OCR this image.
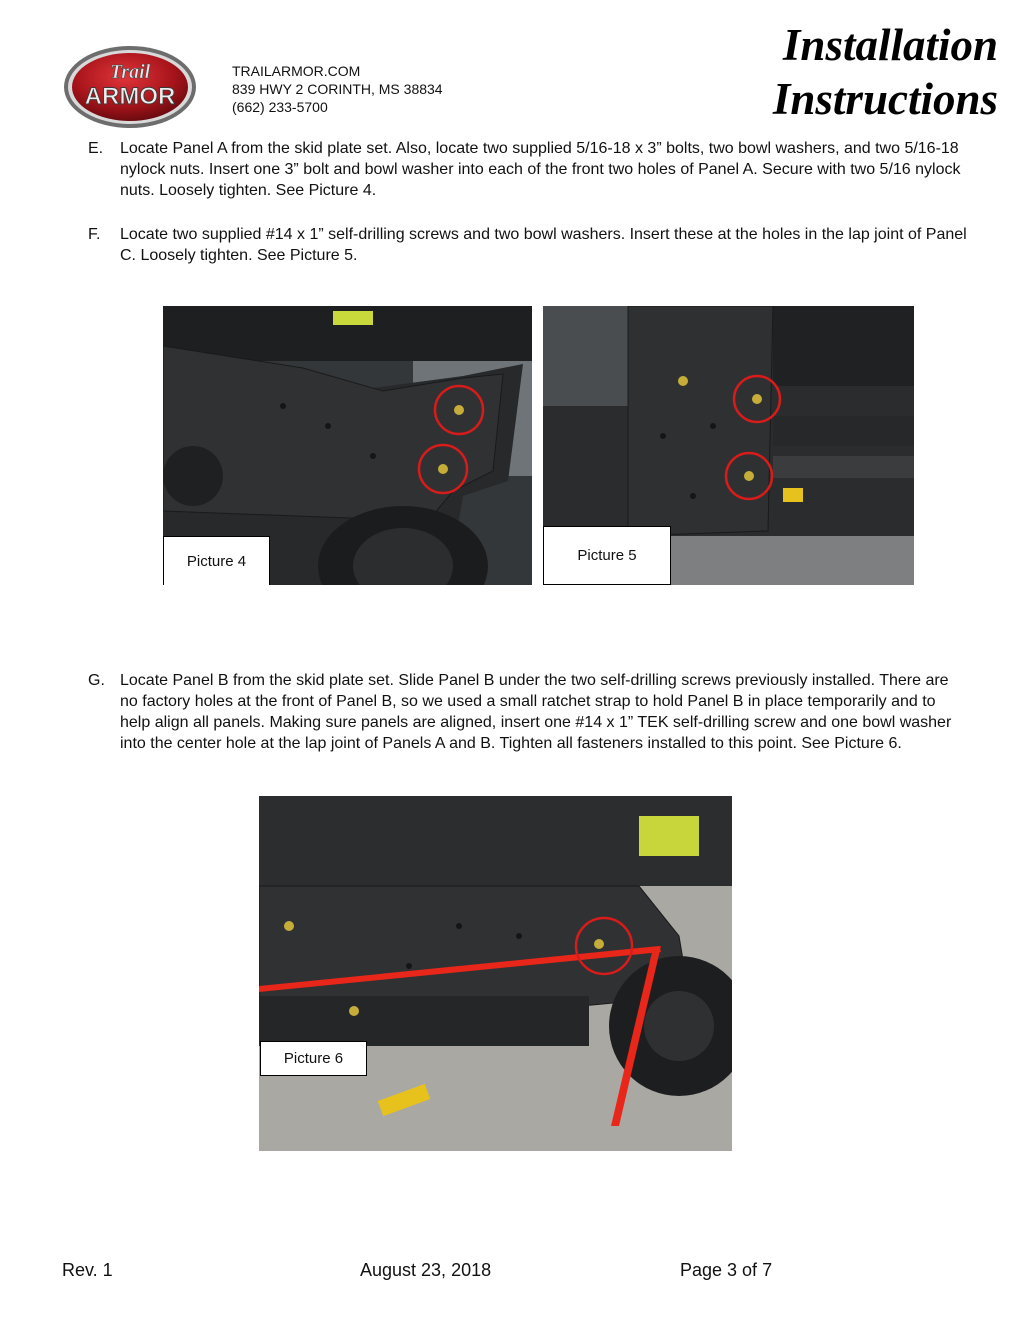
Trail
ARMOR
TRAILARMOR.COM
839 HWY 2 CORINTH, MS 38834
(662) 233-5700
Installation
Instructions
E. Locate Panel A from the skid plate set. Also, locate two supplied 5/16-18 x 3” bolts, two bowl washers, and two 5/16-18 nylock nuts. Insert one 3” bolt and bowl washer into each of the front two holes of Panel A. Secure with two 5/16 nylock nuts. Loosely tighten. See Picture 4.
F. Locate two supplied #14 x 1” self-drilling screws and two bowl washers. Insert these at the holes in the lap joint of Panel C. Loosely tighten. See Picture 5.
Picture 4	Picture 5
G. Locate Panel B from the skid plate set. Slide Panel B under the two self-drilling screws previously installed. There are no factory holes at the front of Panel B, so we used a small ratchet strap to hold Panel B in place temporarily and to help align all panels. Making sure panels are aligned, insert one #14 x 1” TEK self-drilling screw and one bowl washer into the center hole at the lap joint of Panels A and B. Tighten all fasteners installed to this point. See Picture 6.
Picture 6
Rev. 1	August 23, 2018	Page 3 of 7
